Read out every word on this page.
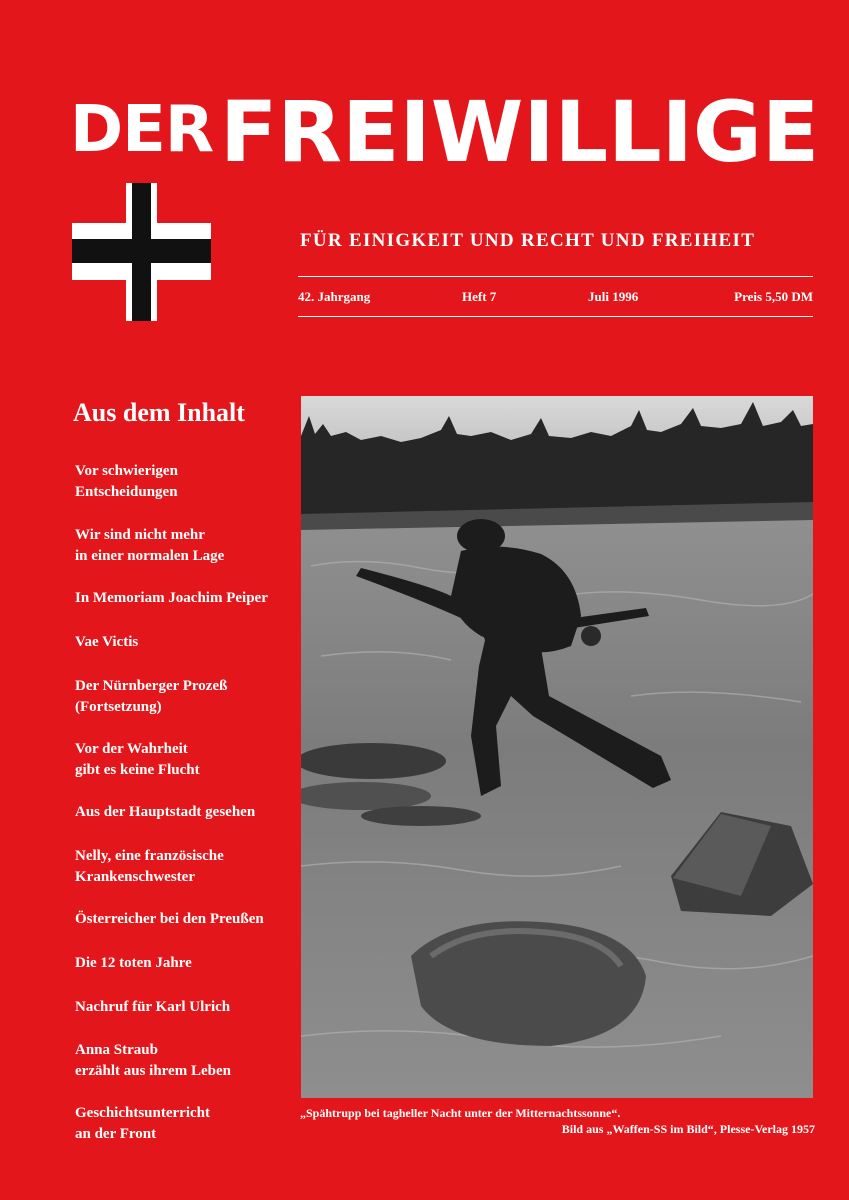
DER FREIWILLIGE
FÜR EINIGKEIT UND RECHT UND FREIHEIT
42. Jahrgang	Heft 7	Juli 1996	Preis 5,50 DM
Aus dem Inhalt
Vor schwierigen
Entscheidungen
Wir sind nicht mehr
in einer normalen Lage
In Memoriam Joachim Peiper
Vae Victis
Der Nürnberger Prozeß
(Fortsetzung)
Vor der Wahrheit
gibt es keine Flucht
Aus der Hauptstadt gesehen
Nelly, eine französische
Krankenschwester
Österreicher bei den Preußen
Die 12 toten Jahre
Nachruf für Karl Ulrich
Anna Straub
erzählt aus ihrem Leben
Geschichtsunterricht
an der Front
„Spähtrupp bei tagheller Nacht unter der Mitternachtssonne“.
Bild aus „Waffen-SS im Bild“, Plesse-Verlag 1957
